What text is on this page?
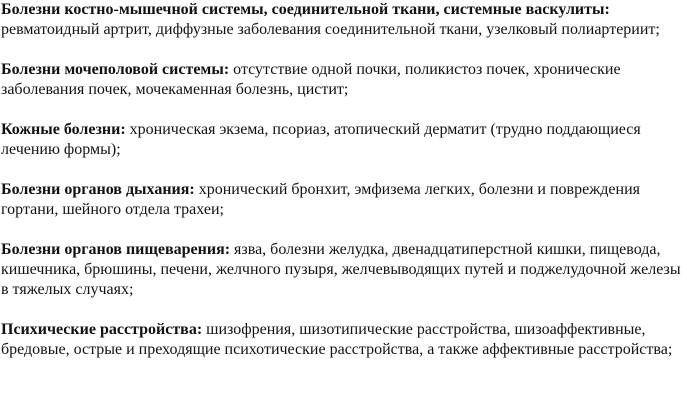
Болезни костно-мышечной системы, соединительной ткани, системные васкулиты: ревматоидный артрит, диффузные заболевания соединительной ткани, узелковый полиартериит;

Болезни мочеполовой системы: отсутствие одной почки, поликистоз почек, хронические заболевания почек, мочекаменная болезнь, цистит;

Кожные болезни: хроническая экзема, псориаз, атопический дерматит (трудно поддающиеся лечению формы);

Болезни органов дыхания: хронический бронхит, эмфизема легких, болезни и повреждения гортани, шейного отдела трахеи;

Болезни органов пищеварения: язва, болезни желудка, двенадцатиперстной кишки, пищевода, кишечника, брюшины, печени, желчного пузыря, желчевыводящих путей и поджелудочной железы в тяжелых случаях;

Психические расстройства: шизофрения, шизотипические расстройства, шизоаффективные, бредовые, острые и преходящие психотические расстройства, а также аффективные расстройства;
